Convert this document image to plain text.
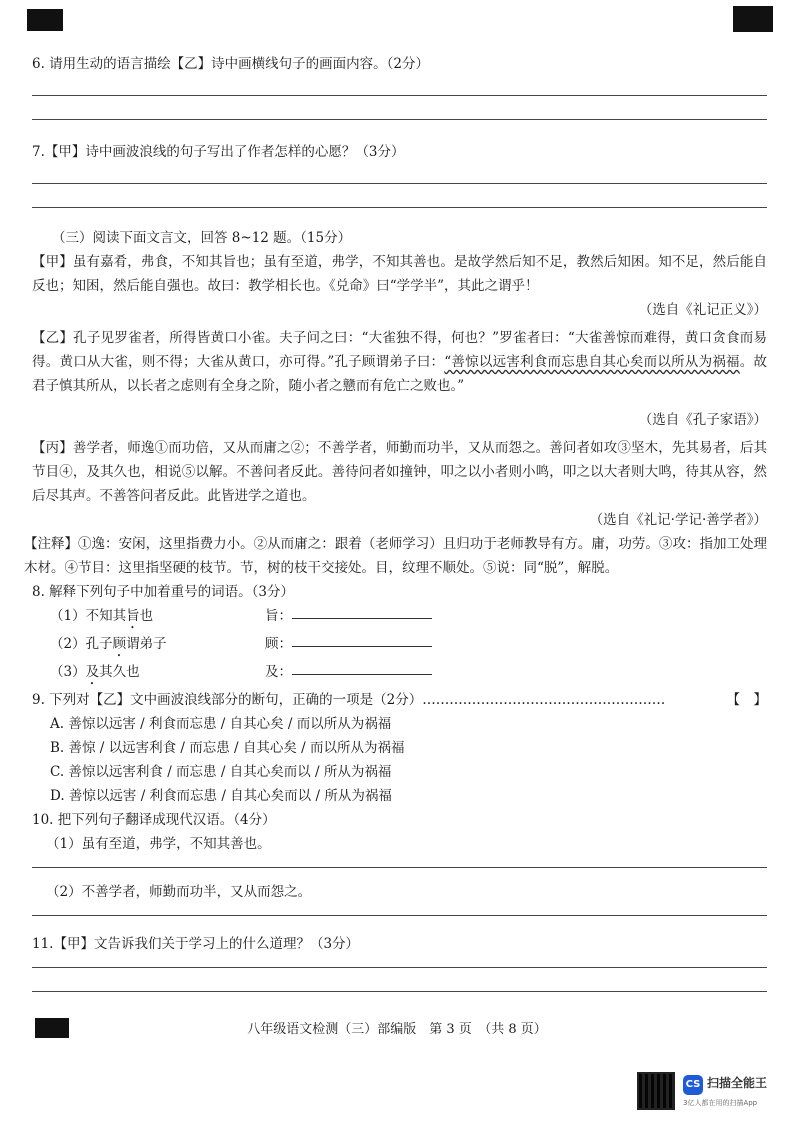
6. 请用生动的语言描绘【乙】诗中画横线句子的画面内容。（2分）

7.【甲】诗中画波浪线的句子写出了作者怎样的心愿？（3分）

（三）阅读下面文言文，回答 8~12 题。（15分）

【甲】虽有嘉肴，弗食，不知其旨也；虽有至道，弗学，不知其善也。是故学然后知不足，教然后知困。知不足，然后能自反也；知困，然后能自强也。故曰：教学相长也。《兑命》曰“学学半”，其此之谓乎！

（选自《礼记正义》）

【乙】孔子见罗雀者，所得皆黄口小雀。夫子问之曰：“大雀独不得，何也？”罗雀者曰：“大雀善惊而难得，黄口贪食而易得。黄口从大雀，则不得；大雀从黄口，亦可得。”孔子顾谓弟子曰：“善惊以远害利食而忘患自其心矣而以所从为祸福。故君子慎其所从，以长者之虑则有全身之阶，随小者之戆而有危亡之败也。”

（选自《孔子家语》）

【丙】善学者，师逸①而功倍，又从而庸之②；不善学者，师勤而功半，又从而怨之。善问者如攻③坚木，先其易者，后其节目④，及其久也，相说⑤以解。不善问者反此。善待问者如撞钟，叩之以小者则小鸣，叩之以大者则大鸣，待其从容，然后尽其声。不善答问者反此。此皆进学之道也。

（选自《礼记·学记·善学者》）

【注释】①逸：安闲，这里指费力小。②从而庸之：跟着（老师学习）且归功于老师教导有方。庸，功劳。③攻：指加工处理木材。④节目：这里指坚硬的枝节。节，树的枝干交接处。目，纹理不顺处。⑤说：同“脱”，解脱。

8. 解释下列句子中加着重号的词语。（3分）

（1）不知其旨也	旨：
（2）孔子顾谓弟子	顾：
（3）及其久也	及：

9. 下列对【乙】文中画波浪线部分的断句，正确的一项是（2分）………………………………………………	【　】

A. 善惊以远害 / 利食而忘患 / 自其心矣 / 而以所从为祸福

B. 善惊 / 以远害利食 / 而忘患 / 自其心矣 / 而以所从为祸福

C. 善惊以远害利食 / 而忘患 / 自其心矣而以 / 所从为祸福

D. 善惊以远害 / 利食而忘患 / 自其心矣而以 / 所从为祸福

10. 把下列句子翻译成现代汉语。（4分）

（1）虽有至道，弗学，不知其善也。

（2）不善学者，师勤而功半，又从而怨之。

11.【甲】文告诉我们关于学习上的什么道理？（3分）

八年级语文检测（三）部编版　第 3 页　（共 8 页）
CS 扫描全能王
3亿人都在用的扫描App
